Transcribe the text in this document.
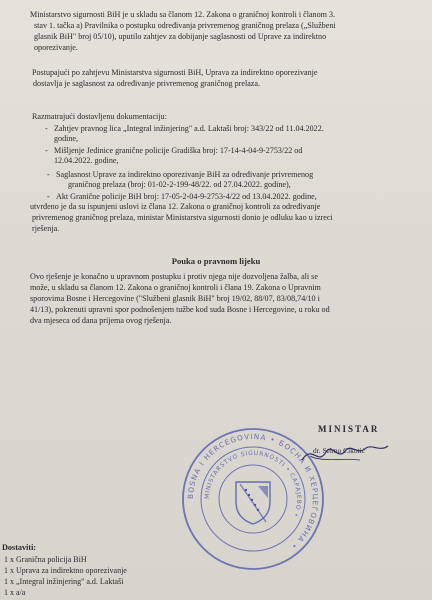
Ministarstvo sigurnosti BiH je u skladu sa članom 12. Zakona o graničnoj kontroli i članom 3.
stav 1. tačka a) Pravilnika o postupku određivanja privremenog graničnog prelaza („Službeni
glasnik BiH" broj 05/10), uputilo zahtjev za dobijanje saglasnosti od Uprave za indirektno
oporezivanje.
Postupajući po zahtjevu Ministarstva sigurnosti BiH, Uprava za indirektno oporezivanje
dostavlja je saglasnost za određivanje privremenog graničnog prelaza.
Razmatrajući dostavljenu dokumentaciju:
- Zahtjev pravnog lica „Integral inžinjering" a.d. Laktaši broj: 343/22 od 11.04.2022.
godine,
- Mišljenje Jedinice granične policije Gradiška broj: 17-14-4-04-9-2753/22 od
12.04.2022. godine,
- Saglasnost Uprave za indirektno oporezivanje BiH za određivanje privremenog
graničnog prelaza (broj: 01-02-2-199-48/22. od 27.04.2022. godine),
- Akt Granične policije BiH broj: 17-05-2-04-9-2753-4/22 od 13.04.2022. godine,
utvrđeno je da su ispunjeni uslovi iz člana 12. Zakona o graničnoj kontroli za određivanje
privremenog graničnog prelaza, ministar Ministarstva sigurnosti donio je odluku kao u izreci
rješenja.
Pouka o pravnom lijeku
Ovo rješenje je konačno u upravnom postupku i protiv njega nije dozvoljena žalba, ali se
može, u skladu sa članom 12. Zakona o graničnoj kontroli i člana 19. Zakona o Upravnim
sporovima Bosne i Hercegovine ("Službeni glasnik BiH" broj 19/02, 88/07, 83/08,74/10 i
41/13), pokrenuti upravni spor podnošenjem tužbe kod suda Bosne i Hercegovine, u roku od
dva mjeseca od dana prijema ovog rješenja.
BOSNA I HERCEGOVINA • БОСНА И ХЕРЦЕГОВИНА •
MINISTARSTVO SIGURNOSTI • САРАЈЕВО •
MINISTAR
dr. Selmo Cikotić
Dostaviti:
1 x Granična policija BiH
1 x Uprava za indirektno oporezivanje
1 x „Integral inžinjering" a.d. Laktaši
1 x a/a
